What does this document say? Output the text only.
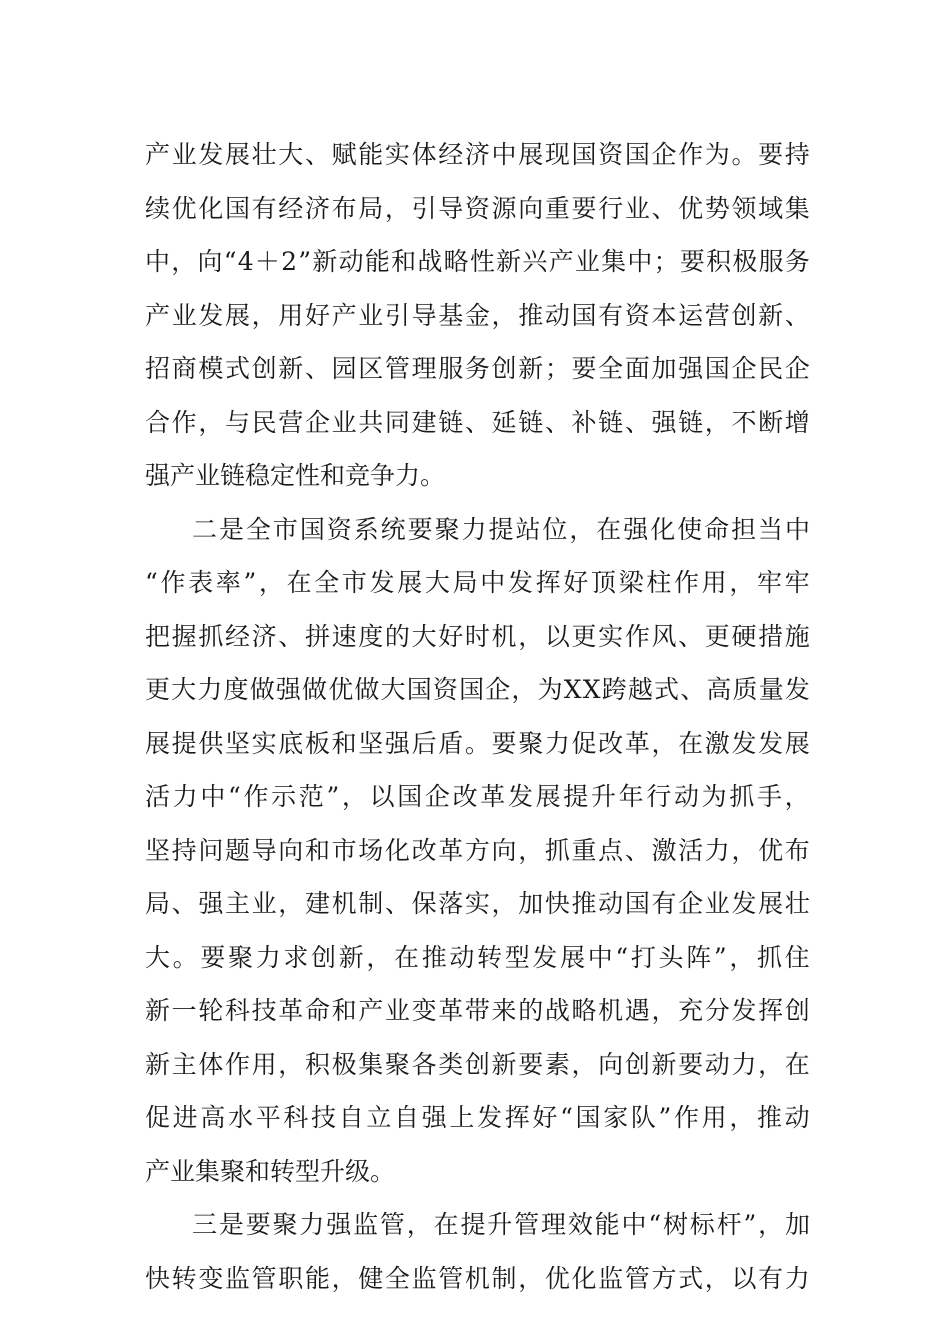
产 业 发 展 壮 大 、 赋 能 实 体 经 济 中 展 现 国 资 国 企 作 为 。 要 持
续 优 化 国 有 经 济 布 局 ， 引 导 资 源 向 重 要 行 业 、 优 势 领 域 集
中 ， 向 “ 4 ＋ 2 ” 新 动 能 和 战 略 性 新 兴 产 业 集 中 ； 要 积 极 服 务
产 业 发 展 ， 用 好 产 业 引 导 基 金 ， 推 动 国 有 资 本 运 营 创 新 、
招 商 模 式 创 新 、 园 区 管 理 服 务 创 新 ； 要 全 面 加 强 国 企 民 企
合 作 ， 与 民 营 企 业 共 同 建 链 、 延 链 、 补 链 、 强 链 ， 不 断 增
强产业链稳定性和竞争力。
二 是 全 市 国 资 系 统 要 聚 力 提 站 位 ， 在 强 化 使 命 担 当 中
“ 作 表 率 ” ， 在 全 市 发 展 大 局 中 发 挥 好 顶 梁 柱 作 用 ， 牢 牢
把 握 抓 经 济 、 拼 速 度 的 大 好 时 机 ， 以 更 实 作 风 、 更 硬 措 施
更 大 力 度 做 强 做 优 做 大 国 资 国 企 ， 为 X X 跨 越 式 、 高 质 量 发
展 提 供 坚 实 底 板 和 坚 强 后 盾 。 要 聚 力 促 改 革 ， 在 激 发 发 展
活 力 中 “ 作 示 范 ” ， 以 国 企 改 革 发 展 提 升 年 行 动 为 抓 手 ，
坚 持 问 题 导 向 和 市 场 化 改 革 方 向 ， 抓 重 点 、 激 活 力 ， 优 布
局 、 强 主 业 ， 建 机 制 、 保 落 实 ， 加 快 推 动 国 有 企 业 发 展 壮
大 。 要 聚 力 求 创 新 ， 在 推 动 转 型 发 展 中 “ 打 头 阵 ” ， 抓 住
新 一 轮 科 技 革 命 和 产 业 变 革 带 来 的 战 略 机 遇 ， 充 分 发 挥 创
新 主 体 作 用 ， 积 极 集 聚 各 类 创 新 要 素 ， 向 创 新 要 动 力 ， 在
促 进 高 水 平 科 技 自 立 自 强 上 发 挥 好 “ 国 家 队 ” 作 用 ， 推 动
产业集聚和转型升级。
三 是 要 聚 力 强 监 管 ， 在 提 升 管 理 效 能 中 “ 树 标 杆 ” ， 加
快 转 变 监 管 职 能 ， 健 全 监 管 机 制 ， 优 化 监 管 方 式 ， 以 有 力
